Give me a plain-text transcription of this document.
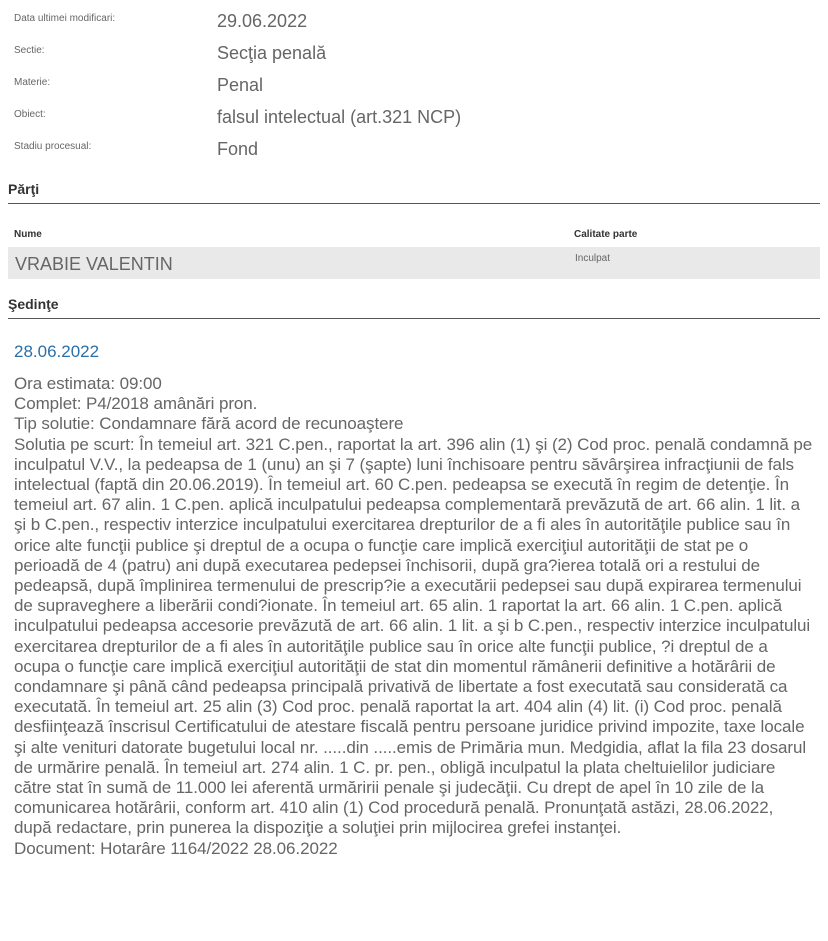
Data ultimei modificari:	29.06.2022
Sectie:	Secţia penală
Materie:	Penal
Obiect:	falsul intelectual (art.321 NCP)
Stadiu procesual:	Fond
Părţi
Nume	Calitate parte
VRABIE VALENTIN	Inculpat
Şedinţe
28.06.2022
Ora estimata: 09:00
Complet: P4/2018 amânări pron.
Tip solutie: Condamnare fără acord de recunoaştere
Solutia pe scurt: În temeiul art. 321 C.pen., raportat la art. 396 alin (1) şi (2) Cod proc. penală condamnă pe inculpatul V.V., la pedeapsa de 1 (unu) an şi 7 (şapte) luni închisoare pentru săvârşirea infracţiunii de fals intelectual (faptă din 20.06.2019). În temeiul art. 60 C.pen. pedeapsa se execută în regim de detenţie. În temeiul art. 67 alin. 1 C.pen. aplică inculpatului pedeapsa complementară prevăzută de art. 66 alin. 1 lit. a şi b C.pen., respectiv interzice inculpatului exercitarea drepturilor de a fi ales în autorităţile publice sau în orice alte funcţii publice şi dreptul de a ocupa o funcţie care implică exerciţiul autorităţii de stat pe o perioadă de 4 (patru) ani după executarea pedepsei închisorii, după gra?ierea totală ori a restului de pedeapsă, după împlinirea termenului de prescrip?ie a executării pedepsei sau după expirarea termenului de supraveghere a liberării condi?ionate. În temeiul art. 65 alin. 1 raportat la art. 66 alin. 1 C.pen. aplică inculpatului pedeapsa accesorie prevăzută de art. 66 alin. 1 lit. a şi b C.pen., respectiv interzice inculpatului exercitarea drepturilor de a fi ales în autorităţile publice sau în orice alte funcţii publice, ?i dreptul de a ocupa o funcţie care implică exerciţiul autorităţii de stat din momentul rămânerii definitive a hotărârii de condamnare şi până când pedeapsa principală privativă de libertate a fost executată sau considerată ca executată. În temeiul art. 25 alin (3) Cod proc. penală raportat la art. 404 alin (4) lit. (i) Cod proc. penală desfiinţează înscrisul Certificatului de atestare fiscală pentru persoane juridice privind impozite, taxe locale şi alte venituri datorate bugetului local nr. .....din .....emis de Primăria mun. Medgidia, aflat la fila 23 dosarul de urmărire penală. În temeiul art. 274 alin. 1 C. pr. pen., obligă inculpatul la plata cheltuielilor judiciare către stat în sumă de 11.000 lei aferentă urmăririi penale şi judecăţii. Cu drept de apel în 10 zile de la comunicarea hotărârii, conform art. 410 alin (1) Cod procedură penală. Pronunţată astăzi, 28.06.2022, după redactare, prin punerea la dispoziţie a soluţiei prin mijlocirea grefei instanţei.
Document: Hotarâre 1164/2022 28.06.2022
